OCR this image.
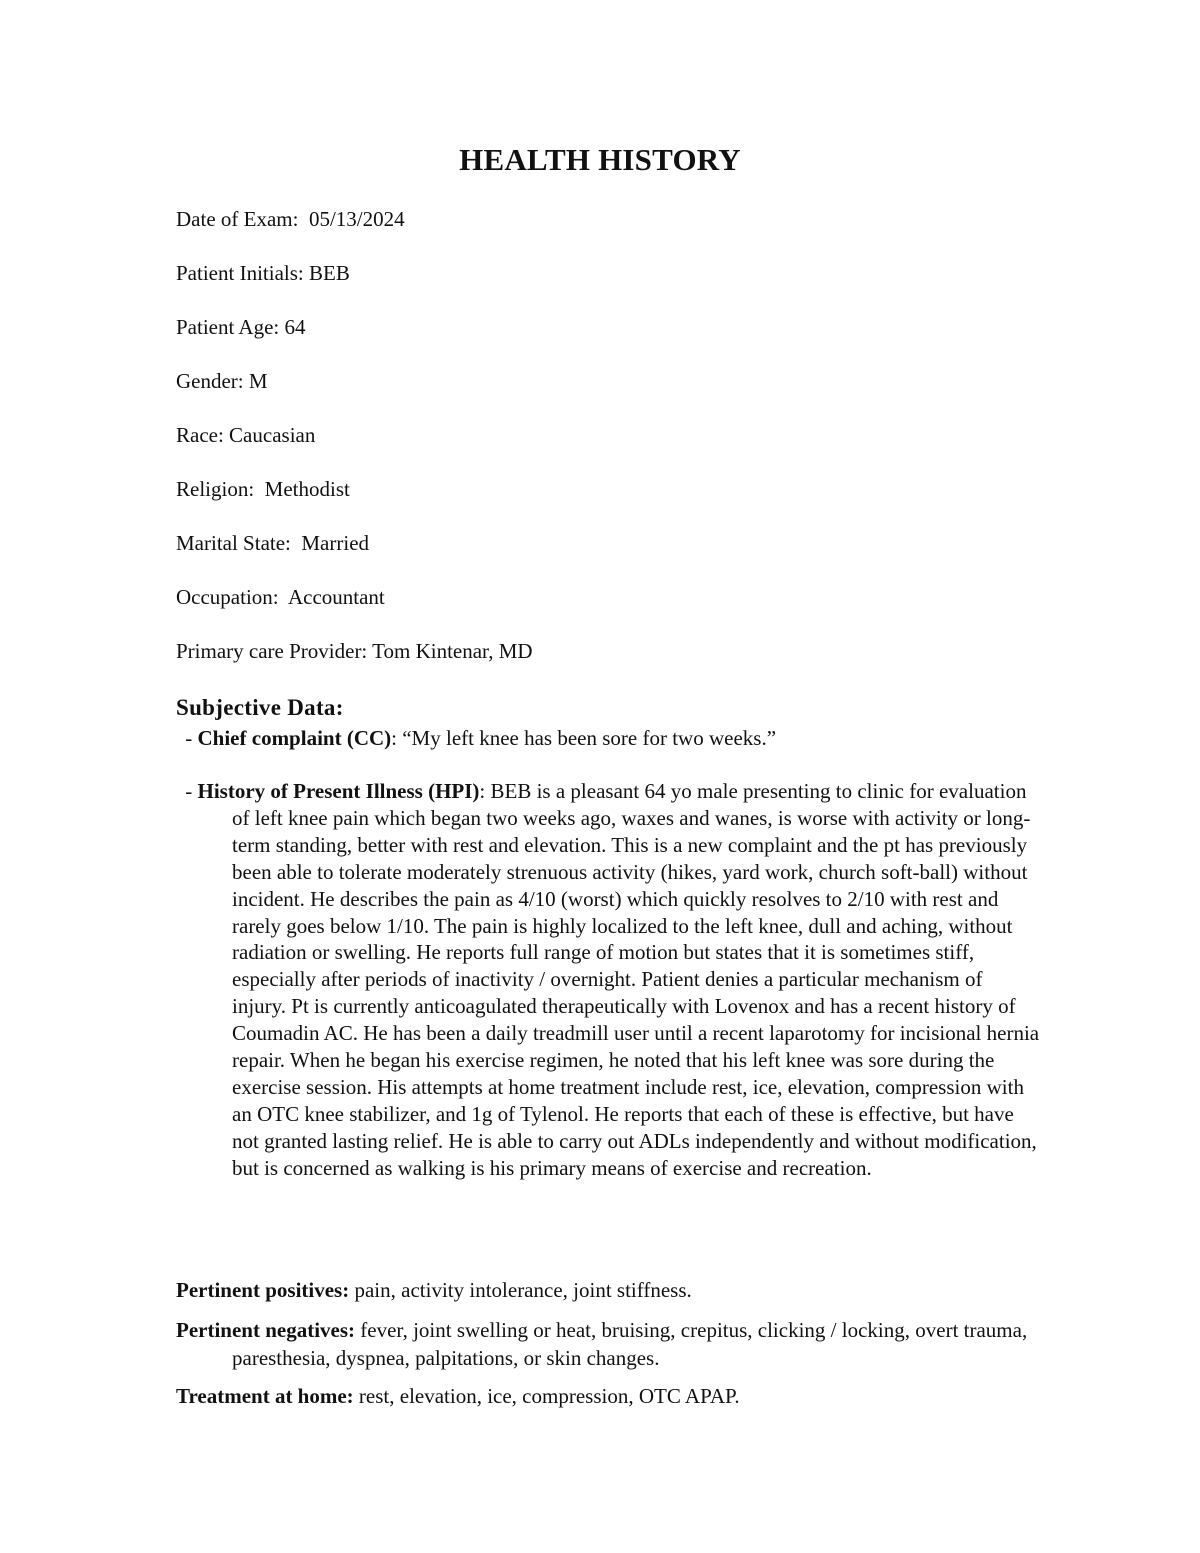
HEALTH HISTORY
Date of Exam:  05/13/2024
Patient Initials: BEB
Patient Age: 64
Gender: M
Race: Caucasian
Religion:  Methodist
Marital State:  Married
Occupation:  Accountant
Primary care Provider: Tom Kintenar, MD
Subjective Data:
- Chief complaint (CC): “My left knee has been sore for two weeks.”

- History of Present Illness (HPI): BEB is a pleasant 64 yo male presenting to clinic for evaluation of left knee pain which began two weeks ago, waxes and wanes, is worse with activity or long-term standing, better with rest and elevation. This is a new complaint and the pt has previously been able to tolerate moderately strenuous activity (hikes, yard work, church soft-ball) without incident. He describes the pain as 4/10 (worst) which quickly resolves to 2/10 with rest and rarely goes below 1/10. The pain is highly localized to the left knee, dull and aching, without radiation or swelling. He reports full range of motion but states that it is sometimes stiff, especially after periods of inactivity / overnight. Patient denies a particular mechanism of injury. Pt is currently anticoagulated therapeutically with Lovenox and has a recent history of Coumadin AC. He has been a daily treadmill user until a recent laparotomy for incisional hernia repair. When he began his exercise regimen, he noted that his left knee was sore during the exercise session. His attempts at home treatment include rest, ice, elevation, compression with an OTC knee stabilizer, and 1g of Tylenol. He reports that each of these is effective, but have not granted lasting relief. He is able to carry out ADLs independently and without modification, but is concerned as walking is his primary means of exercise and recreation.

Pertinent positives: pain, activity intolerance, joint stiffness.

Pertinent negatives: fever, joint swelling or heat, bruising, crepitus, clicking / locking, overt trauma, paresthesia, dyspnea, palpitations, or skin changes.

Treatment at home: rest, elevation, ice, compression, OTC APAP.
